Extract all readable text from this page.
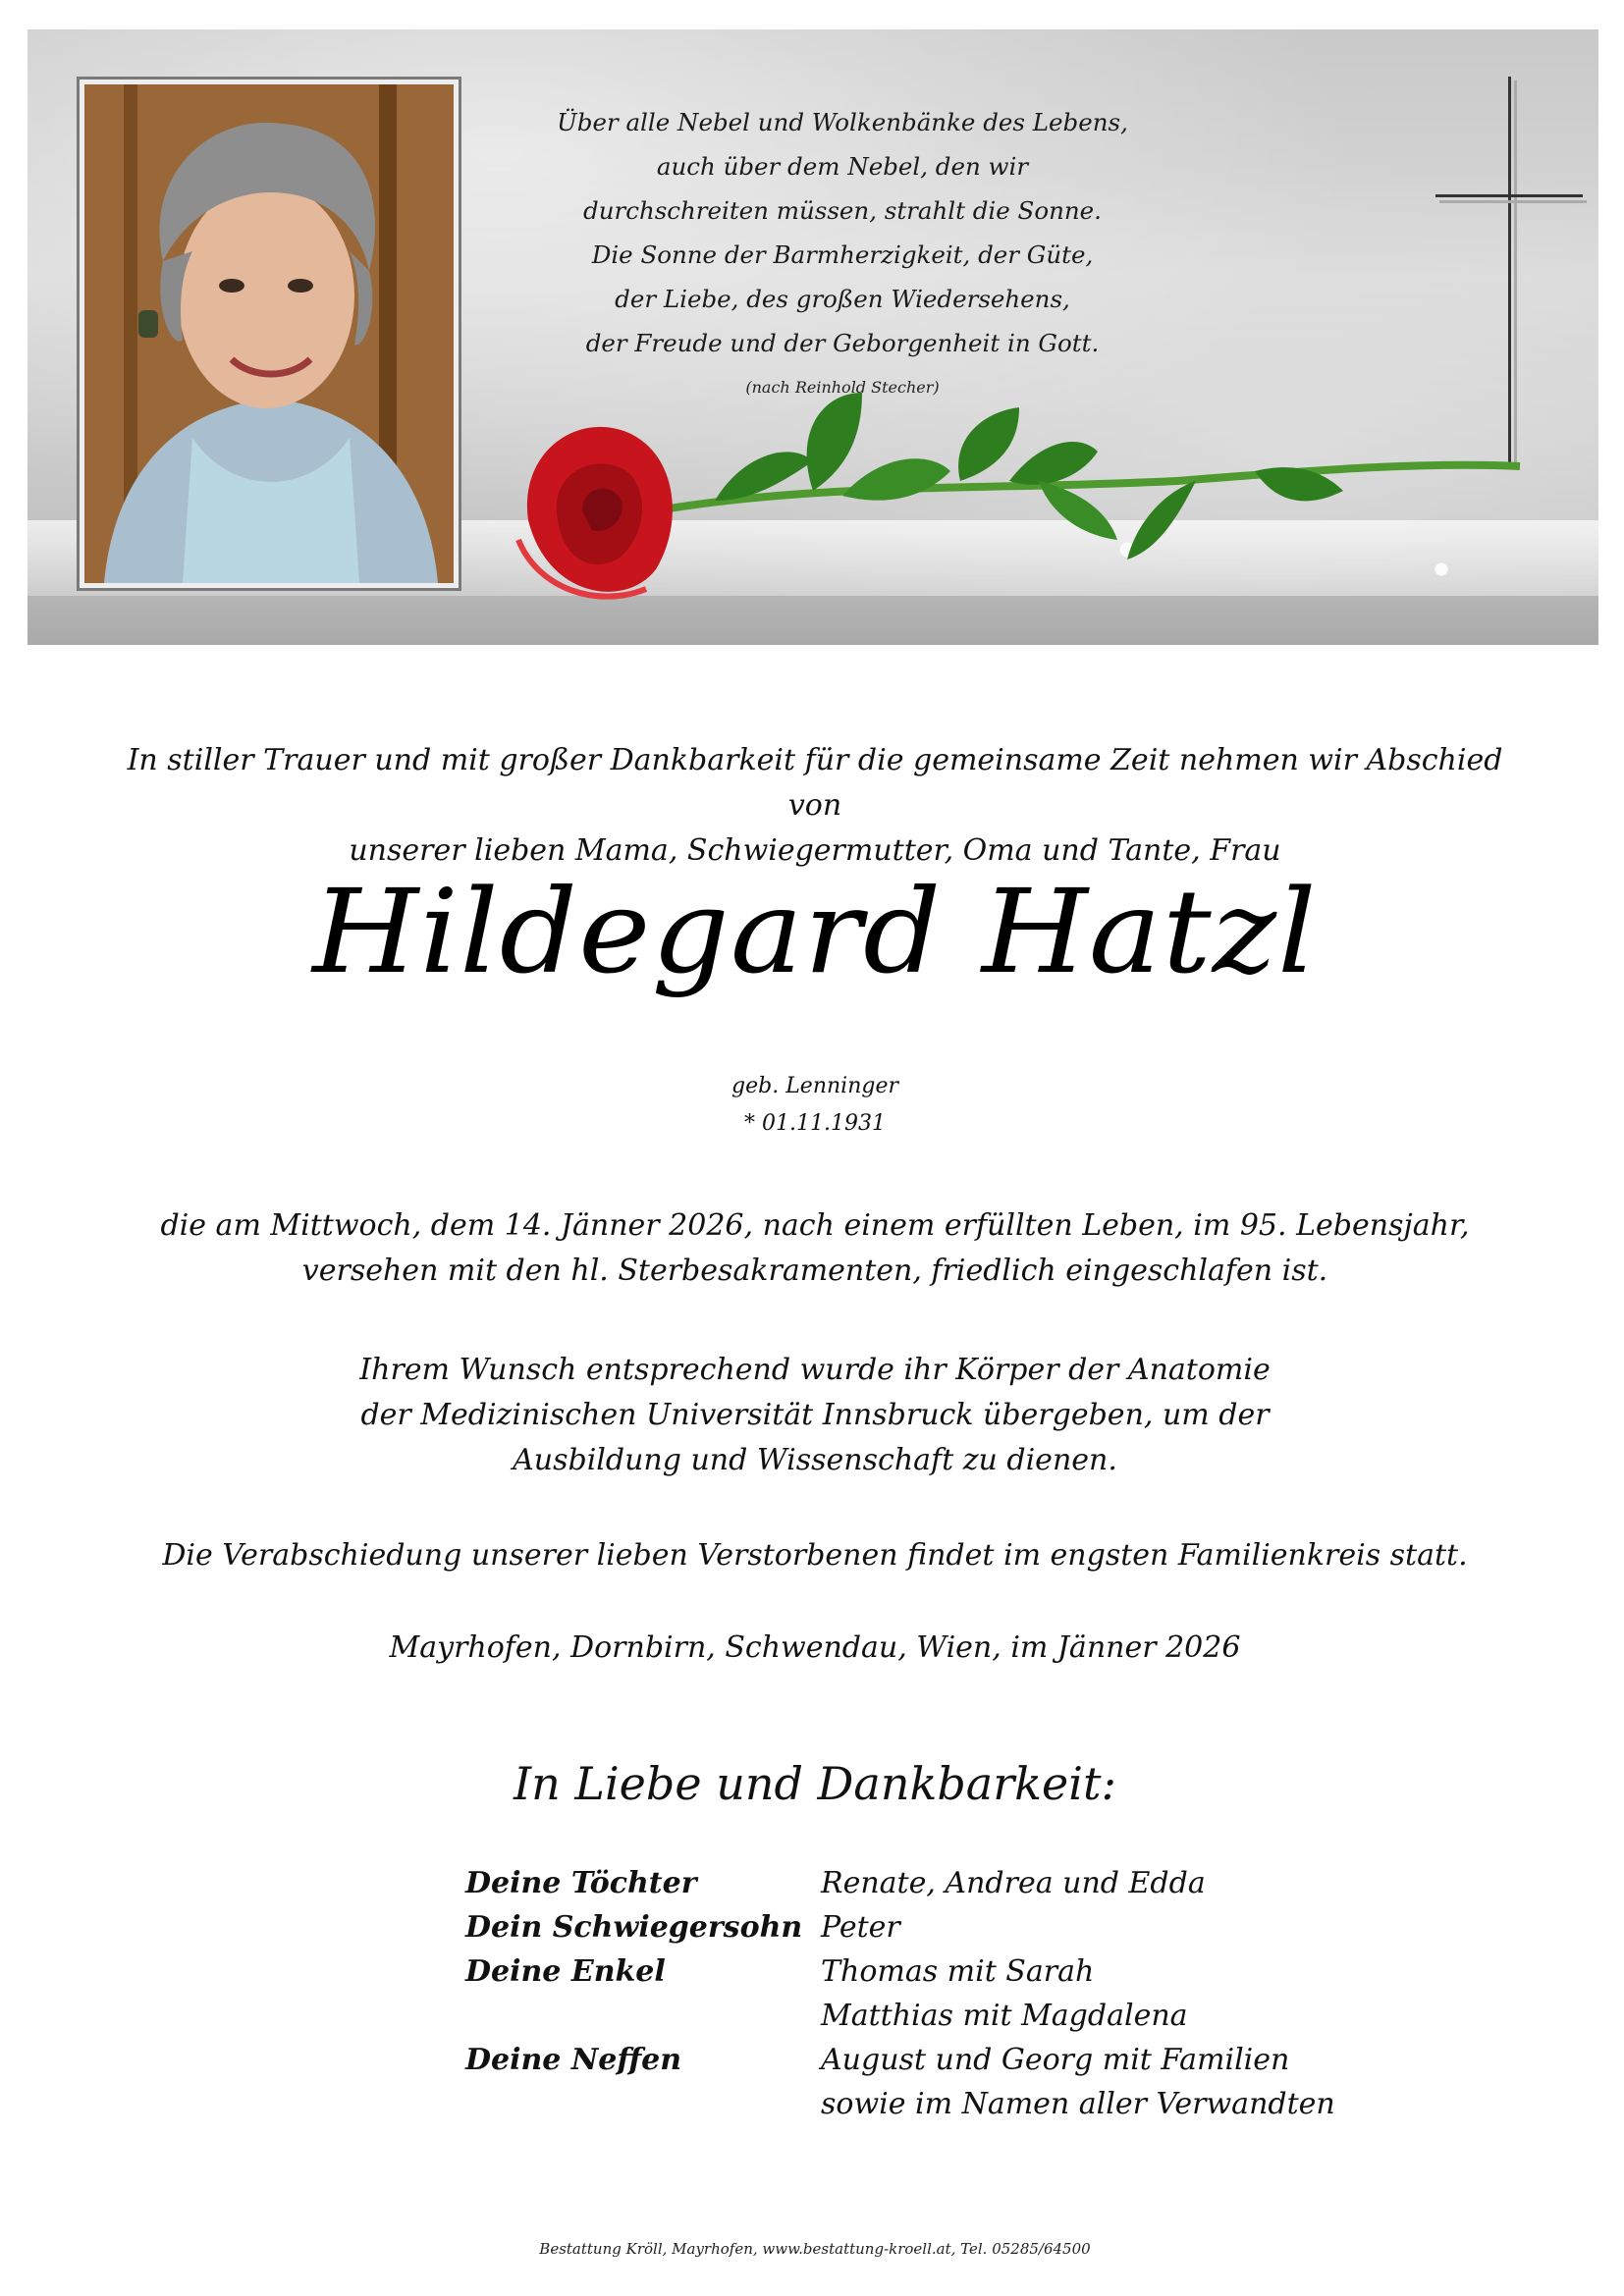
Über alle Nebel und Wolkenbänke des Lebens,
auch über dem Nebel, den wir
durchschreiten müssen, strahlt die Sonne.
Die Sonne der Barmherzigkeit, der Güte,
der Liebe, des großen Wiedersehens,
der Freude und der Geborgenheit in Gott.
(nach Reinhold Stecher)
In stiller Trauer und mit großer Dankbarkeit für die gemeinsame Zeit nehmen wir Abschied von
unserer lieben Mama, Schwiegermutter, Oma und Tante, Frau
Hildegard Hatzl
geb. Lenninger
* 01.11.1931
die am Mittwoch, dem 14. Jänner 2026, nach einem erfüllten Leben, im 95. Lebensjahr,
versehen mit den hl. Sterbesakramenten, friedlich eingeschlafen ist.
Ihrem Wunsch entsprechend wurde ihr Körper der Anatomie
der Medizinischen Universität Innsbruck übergeben, um der
Ausbildung und Wissenschaft zu dienen.
Die Verabschiedung unserer lieben Verstorbenen findet im engsten Familienkreis statt.
Mayrhofen, Dornbirn, Schwendau, Wien, im Jänner 2026
In Liebe und Dankbarkeit:
Deine Töchter	Renate, Andrea und Edda
Dein Schwiegersohn Peter
Deine Enkel	Thomas mit Sarah
Matthias mit Magdalena
Deine Neffen	August und Georg mit Familien
sowie im Namen aller Verwandten
Bestattung Kröll, Mayrhofen, www.bestattung-kroell.at, Tel. 05285/64500
